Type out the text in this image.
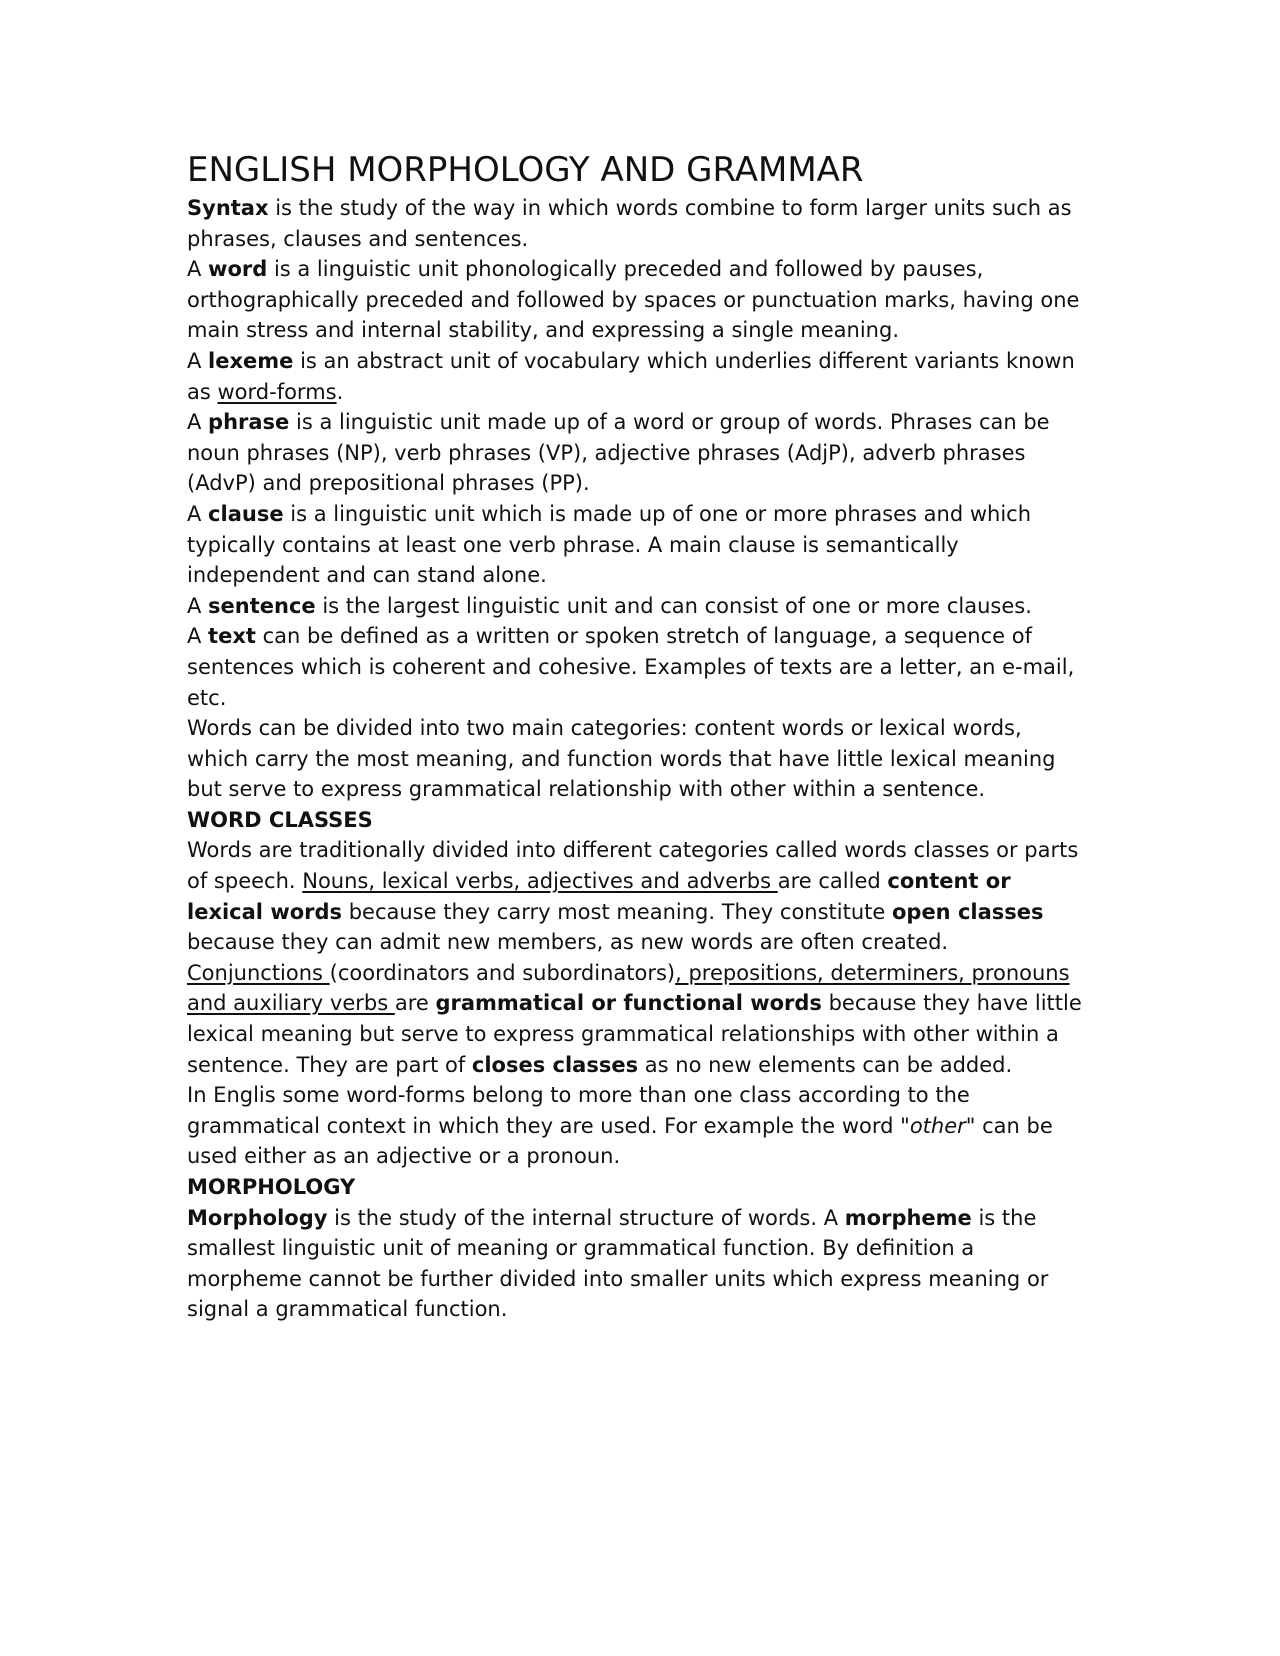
ENGLISH MORPHOLOGY AND GRAMMAR

Syntax is the study of the way in which words combine to form larger units such as phrases, clauses and sentences.

A word is a linguistic unit phonologically preceded and followed by pauses, orthographically preceded and followed by spaces or punctuation marks, having one main stress and internal stability, and expressing a single meaning.

A lexeme is an abstract unit of vocabulary which underlies different variants known as word-forms.

A phrase is a linguistic unit made up of a word or group of words. Phrases can be noun phrases (NP), verb phrases (VP), adjective phrases (AdjP), adverb phrases (AdvP) and prepositional phrases (PP).

A clause is a linguistic unit which is made up of one or more phrases and which typically contains at least one verb phrase. A main clause is semantically independent and can stand alone.

A sentence is the largest linguistic unit and can consist of one or more clauses.

A text can be defined as a written or spoken stretch of language, a sequence of sentences which is coherent and cohesive. Examples of texts are a letter, an e-mail, etc.

Words can be divided into two main categories: content words or lexical words, which carry the most meaning, and function words that have little lexical meaning but serve to express grammatical relationship with other within a sentence.

WORD CLASSES

Words are traditionally divided into different categories called words classes or parts of speech. Nouns, lexical verbs, adjectives and adverbs are called content or lexical words because they carry most meaning. They constitute open classes because they can admit new members, as new words are often created.

Conjunctions (coordinators and subordinators), prepositions, determiners, pronouns and auxiliary verbs are grammatical or functional words because they have little lexical meaning but serve to express grammatical relationships with other within a sentence. They are part of closes classes as no new elements can be added.

In Englis some word-forms belong to more than one class according to the grammatical context in which they are used. For example the word "other" can be used either as an adjective or a pronoun.

MORPHOLOGY

Morphology is the study of the internal structure of words. A morpheme is the smallest linguistic unit of meaning or grammatical function. By definition a morpheme cannot be further divided into smaller units which express meaning or signal a grammatical function.
